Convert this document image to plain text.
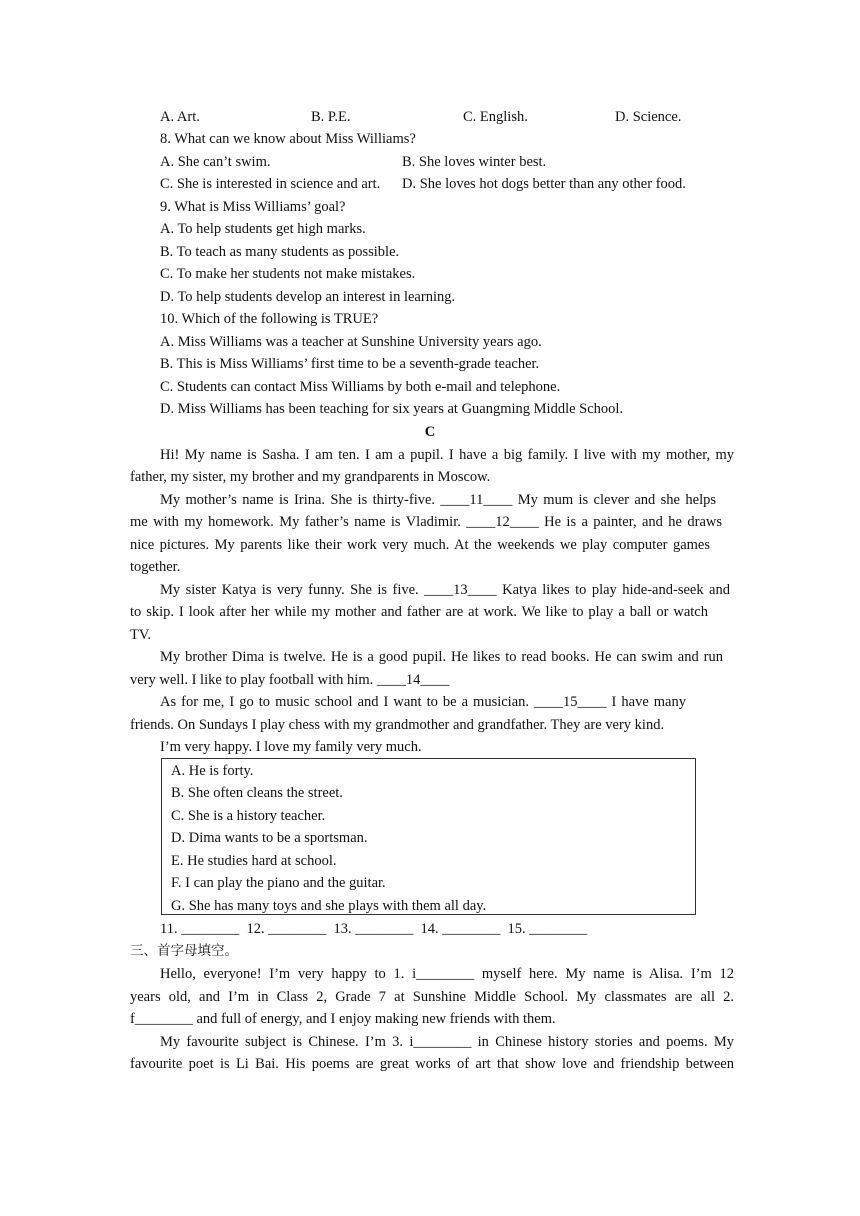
A. Art.	B. P.E.	C. English.	D. Science.
8. What can we know about Miss Williams?
A. She can’t swim.	B. She loves winter best.
C. She is interested in science and art. D. She loves hot dogs better than any other food.
9. What is Miss Williams’ goal?
A. To help students get high marks.
B. To teach as many students as possible.
C. To make her students not make mistakes.
D. To help students develop an interest in learning.
10. Which of the following is TRUE?
A. Miss Williams was a teacher at Sunshine University years ago.
B. This is Miss Williams’ first time to be a seventh-grade teacher.
C. Students can contact Miss Williams by both e-mail and telephone.
D. Miss Williams has been teaching for six years at Guangming Middle School.
C
Hi! My name is Sasha. I am ten. I am a pupil. I have a big family. I live with my mother, my
father, my sister, my brother and my grandparents in Moscow.
My mother’s name is Irina. She is thirty-five. ____11____ My mum is clever and she helps
me with my homework. My father’s name is Vladimir. ____12____ He is a painter, and he draws
nice pictures. My parents like their work very much. At the weekends we play computer games
together.
My sister Katya is very funny. She is five. ____13____ Katya likes to play hide-and-seek and
to skip. I look after her while my mother and father are at work. We like to play a ball or watch
TV.
My brother Dima is twelve. He is a good pupil. He likes to read books. He can swim and run
very well. I like to play football with him. ____14____
As for me, I go to music school and I want to be a musician. ____15____ I have many
friends. On Sundays I play chess with my grandmother and grandfather. They are very kind.
I’m very happy. I love my family very much.
A. He is forty.
B. She often cleans the street.
C. She is a history teacher.
D. Dima wants to be a sportsman.
E. He studies hard at school.
F. I can play the piano and the guitar.
G. She has many toys and she plays with them all day.
11. ________  12. ________  13. ________  14. ________  15. ________
三、首字母填空。
Hello, everyone! I’m very happy to 1. i________ myself here. My name is Alisa. I’m 12
years old, and I’m in Class 2, Grade 7 at Sunshine Middle School. My classmates are all 2.
f________ and full of energy, and I enjoy making new friends with them.
My favourite subject is Chinese. I’m 3. i________ in Chinese history stories and poems. My
favourite poet is Li Bai. His poems are great works of art that show love and friendship between
